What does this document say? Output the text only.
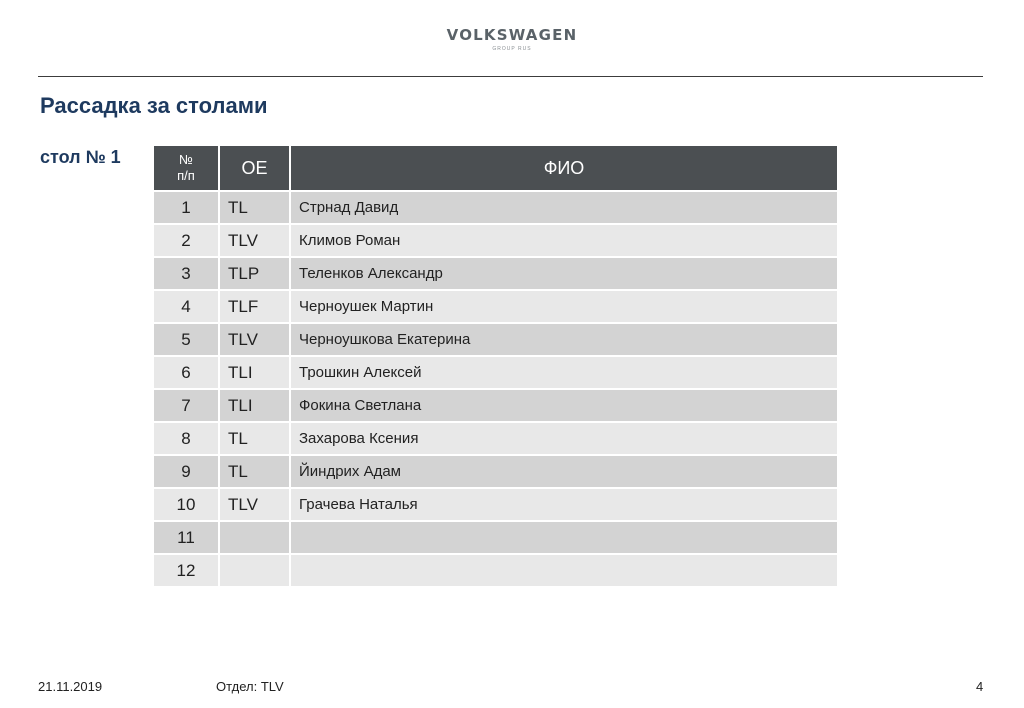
VOLKSWAGEN
GROUP RUS
Рассадка за столами
стол № 1	№
п/п	ОЕ	ФИО
1	TL	Стрнад Давид
2	TLV	Климов Роман
3	TLP	Теленков Александр
4	TLF	Черноушек Мартин
5	TLV	Черноушкова Екатерина
6	TLI	Трошкин Алексей
7	TLI	Фокина Светлана
8	TL	Захарова Ксения
9	TL	Йиндрих Адам
10	TLV	Грачева Наталья
11		
12		
21.11.2019	Отдел: TLV	4
